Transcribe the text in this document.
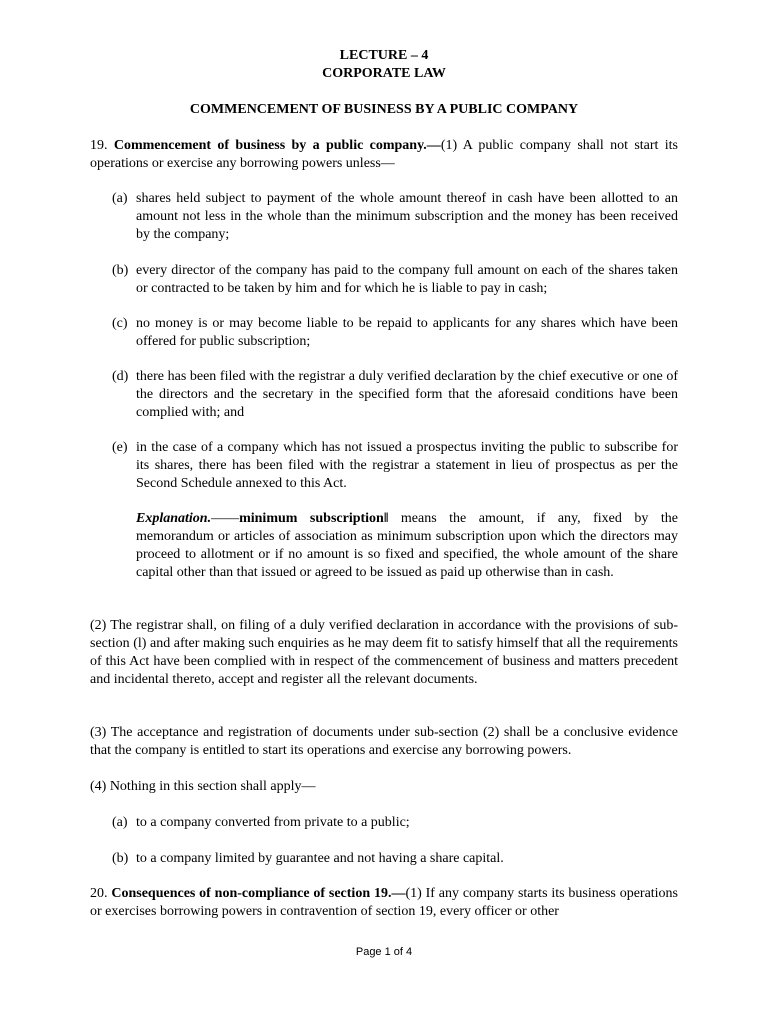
LECTURE – 4
CORPORATE LAW
COMMENCEMENT OF BUSINESS BY A PUBLIC COMPANY
19. Commencement of business by a public company.—(1) A public company shall not start its operations or exercise any borrowing powers unless—
(a) shares held subject to payment of the whole amount thereof in cash have been allotted to an amount not less in the whole than the minimum subscription and the money has been received by the company;
(b) every director of the company has paid to the company full amount on each of the shares taken or contracted to be taken by him and for which he is liable to pay in cash;
(c) no money is or may become liable to be repaid to applicants for any shares which have been offered for public subscription;
(d) there has been filed with the registrar a duly verified declaration by the chief executive or one of the directors and the secretary in the specified form that the aforesaid conditions have been complied with; and
(e) in the case of a company which has not issued a prospectus inviting the public to subscribe for its shares, there has been filed with the registrar a statement in lieu of prospectus as per the Second Schedule annexed to this Act.
Explanation.——minimum subscription‖ means the amount, if any, fixed by the memorandum or articles of association as minimum subscription upon which the directors may proceed to allotment or if no amount is so fixed and specified, the whole amount of the share capital other than that issued or agreed to be issued as paid up otherwise than in cash.
(2) The registrar shall, on filing of a duly verified declaration in accordance with the provisions of sub-section (l) and after making such enquiries as he may deem fit to satisfy himself that all the requirements of this Act have been complied with in respect of the commencement of business and matters precedent and incidental thereto, accept and register all the relevant documents.
(3) The acceptance and registration of documents under sub-section (2) shall be a conclusive evidence that the company is entitled to start its operations and exercise any borrowing powers.
(4) Nothing in this section shall apply—
(a) to a company converted from private to a public;
(b) to a company limited by guarantee and not having a share capital.
20. Consequences of non-compliance of section 19.—(1) If any company starts its business operations or exercises borrowing powers in contravention of section 19, every officer or other
Page 1 of 4
